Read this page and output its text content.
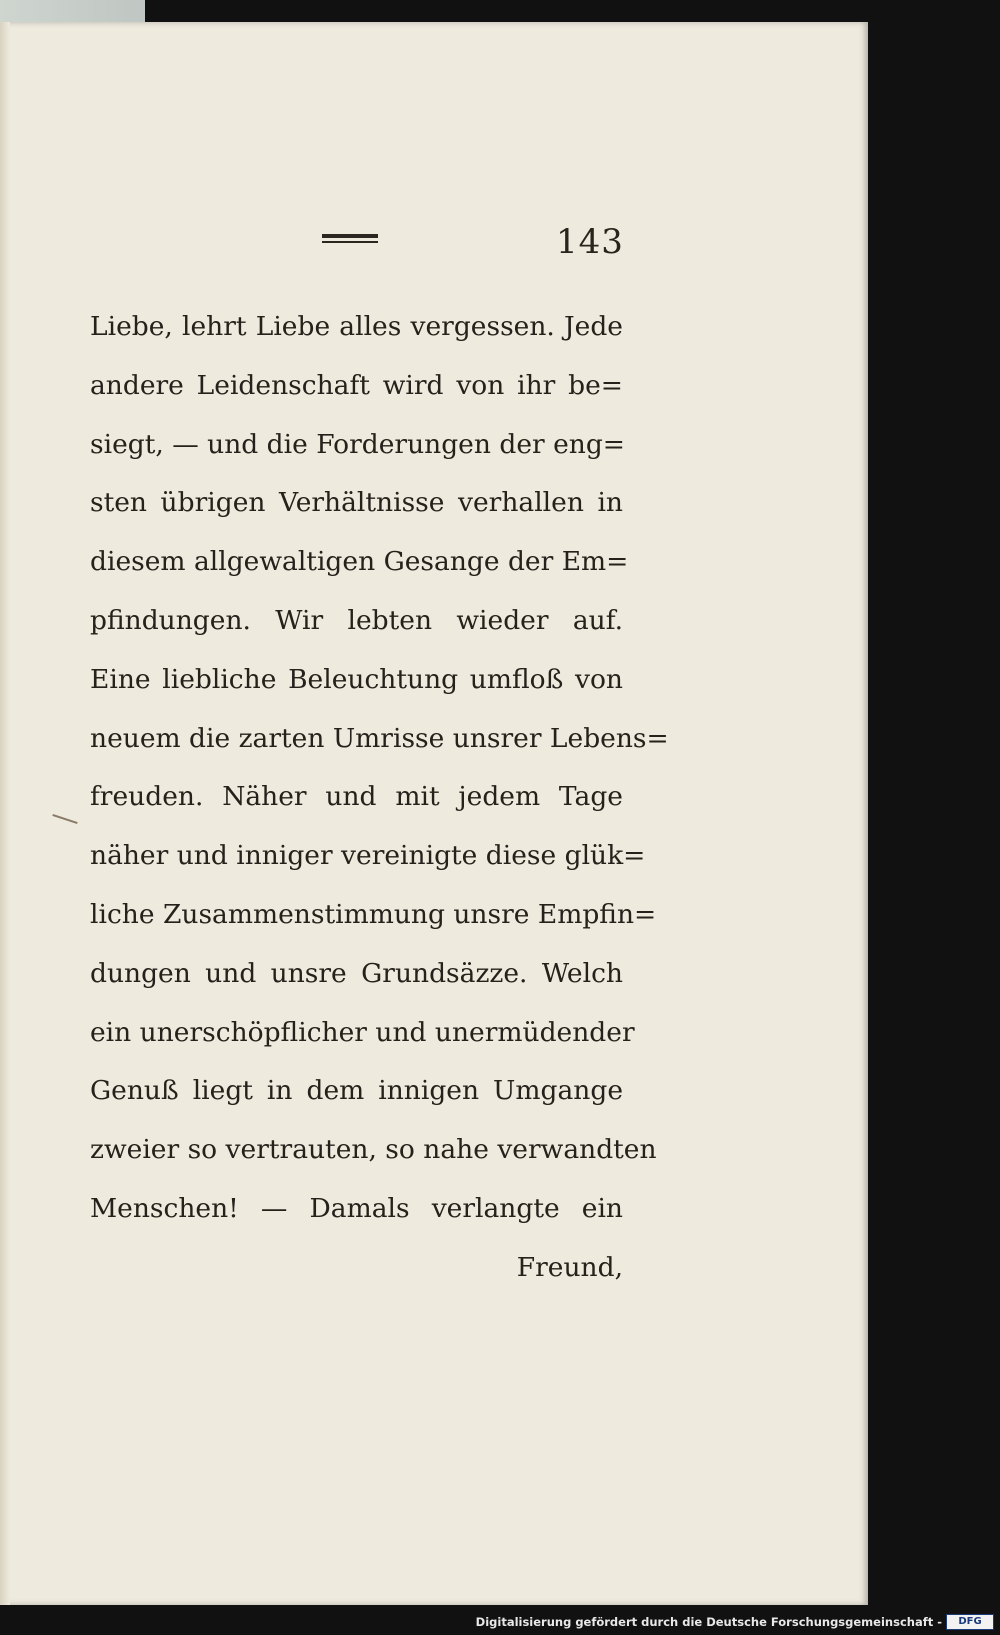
143
Liebe, lehrt Liebe alles vergessen. Jede
andere Leidenschaft wird von ihr be=
siegt, — und die Forderungen der eng=
sten übrigen Verhältnisse verhallen in
diesem allgewaltigen Gesange der Em=
pfindungen. Wir lebten wieder auf.
Eine liebliche Beleuchtung umfloß von
neuem die zarten Umrisse unsrer Lebens=
freuden. Näher und mit jedem Tage
näher und inniger vereinigte diese glük=
liche Zusammenstimmung unsre Empfin=
dungen und unsre Grundsäzze. Welch
ein unerschöpflicher und unermüdender
Genuß liegt in dem innigen Umgange
zweier so vertrauten, so nahe verwandten
Menschen! — Damals verlangte ein
Freund,
Digitalisierung gefördert durch die Deutsche Forschungsgemeinschaft -	DFG
